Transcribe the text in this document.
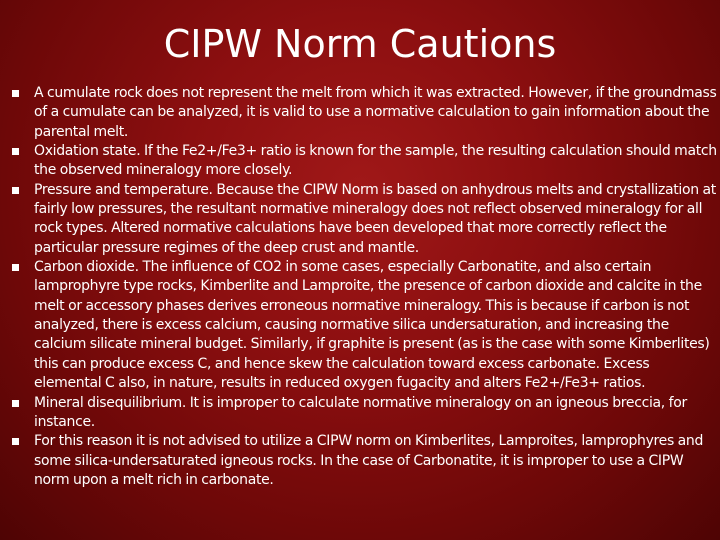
CIPW Norm Cautions
A cumulate rock does not represent the melt from which it was extracted. However, if the groundmass of a cumulate can be analyzed, it is valid to use a normative calculation to gain information about the parental melt.
Oxidation state. If the Fe2+/Fe3+ ratio is known for the sample, the resulting calculation should match the observed mineralogy more closely.
Pressure and temperature. Because the CIPW Norm is based on anhydrous melts and crystallization at fairly low pressures, the resultant normative mineralogy does not reflect observed mineralogy for all rock types. Altered normative calculations have been developed that more correctly reflect the particular pressure regimes of the deep crust and mantle.
Carbon dioxide. The influence of CO2 in some cases, especially Carbonatite, and also certain lamprophyre type rocks, Kimberlite and Lamproite, the presence of carbon dioxide and calcite in the melt or accessory phases derives erroneous normative mineralogy. This is because if carbon is not analyzed, there is excess calcium, causing normative silica undersaturation, and increasing the calcium silicate mineral budget. Similarly, if graphite is present (as is the case with some Kimberlites) this can produce excess C, and hence skew the calculation toward excess carbonate. Excess elemental C also, in nature, results in reduced oxygen fugacity and alters Fe2+/Fe3+ ratios.
Mineral disequilibrium. It is improper to calculate normative mineralogy on an igneous breccia, for instance.
For this reason it is not advised to utilize a CIPW norm on Kimberlites, Lamproites, lamprophyres and some silica-undersaturated igneous rocks. In the case of Carbonatite, it is improper to use a CIPW norm upon a melt rich in carbonate.
